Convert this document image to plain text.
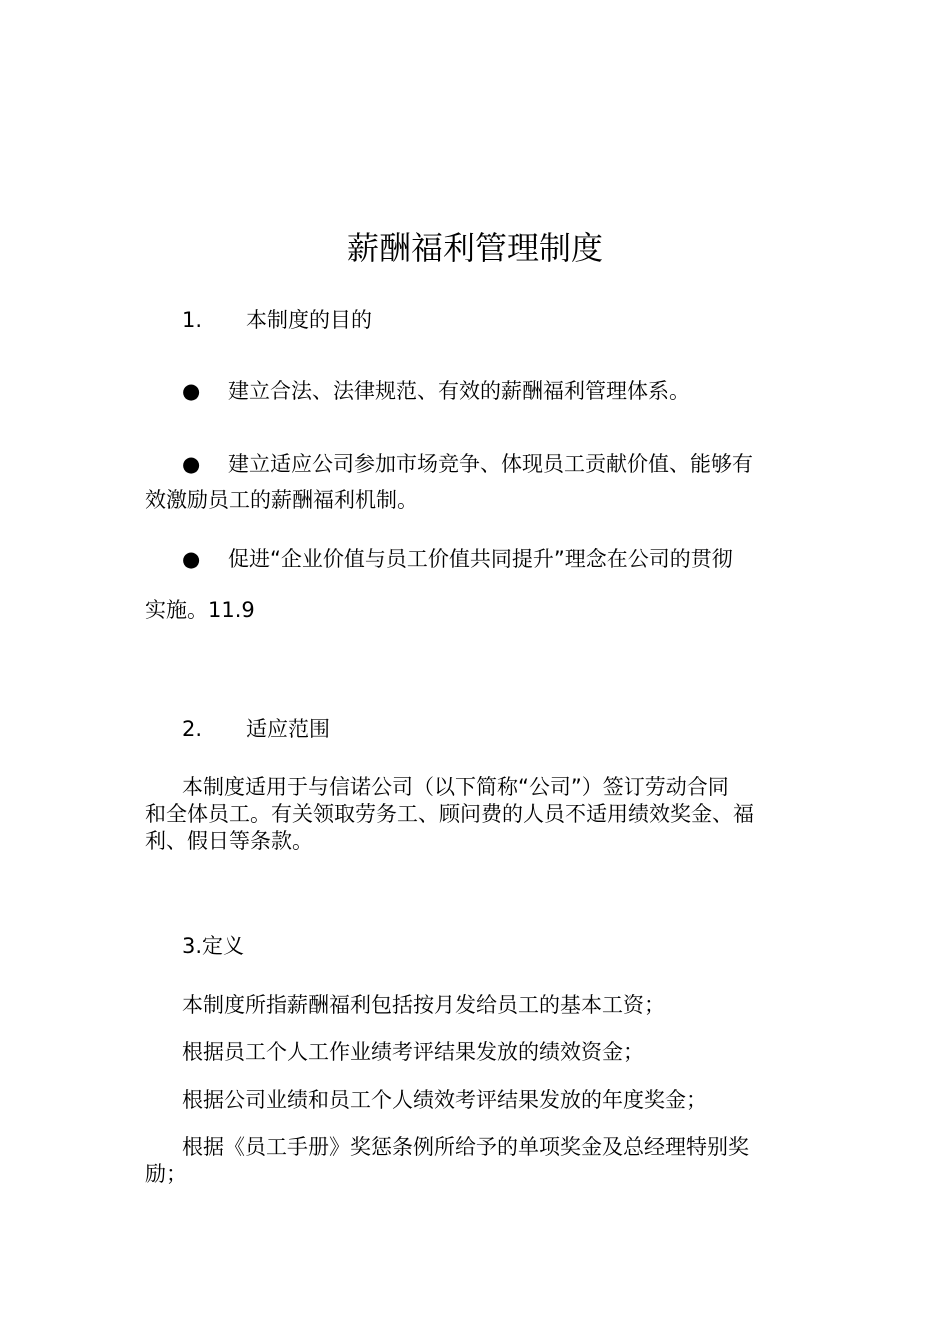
薪酬福利管理制度
1. 本制度的目的
● 建立合法、法律规范、有效的薪酬福利管理体系。
● 建立适应公司参加市场竞争、体现员工贡献价值、能够有
效激励员工的薪酬福利机制。
● 促进“企业价值与员工价值共同提升”理念在公司的贯彻
实施。11.9
2. 适应范围
本制度适用于与信诺公司（以下简称“公司”）签订劳动合同
和全体员工。有关领取劳务工、顾问费的人员不适用绩效奖金、福
利、假日等条款。
3.定义
本制度所指薪酬福利包括按月发给员工的基本工资；
根据员工个人工作业绩考评结果发放的绩效资金；
根据公司业绩和员工个人绩效考评结果发放的年度奖金；
根据《员工手册》奖惩条例所给予的单项奖金及总经理特别奖
励；
